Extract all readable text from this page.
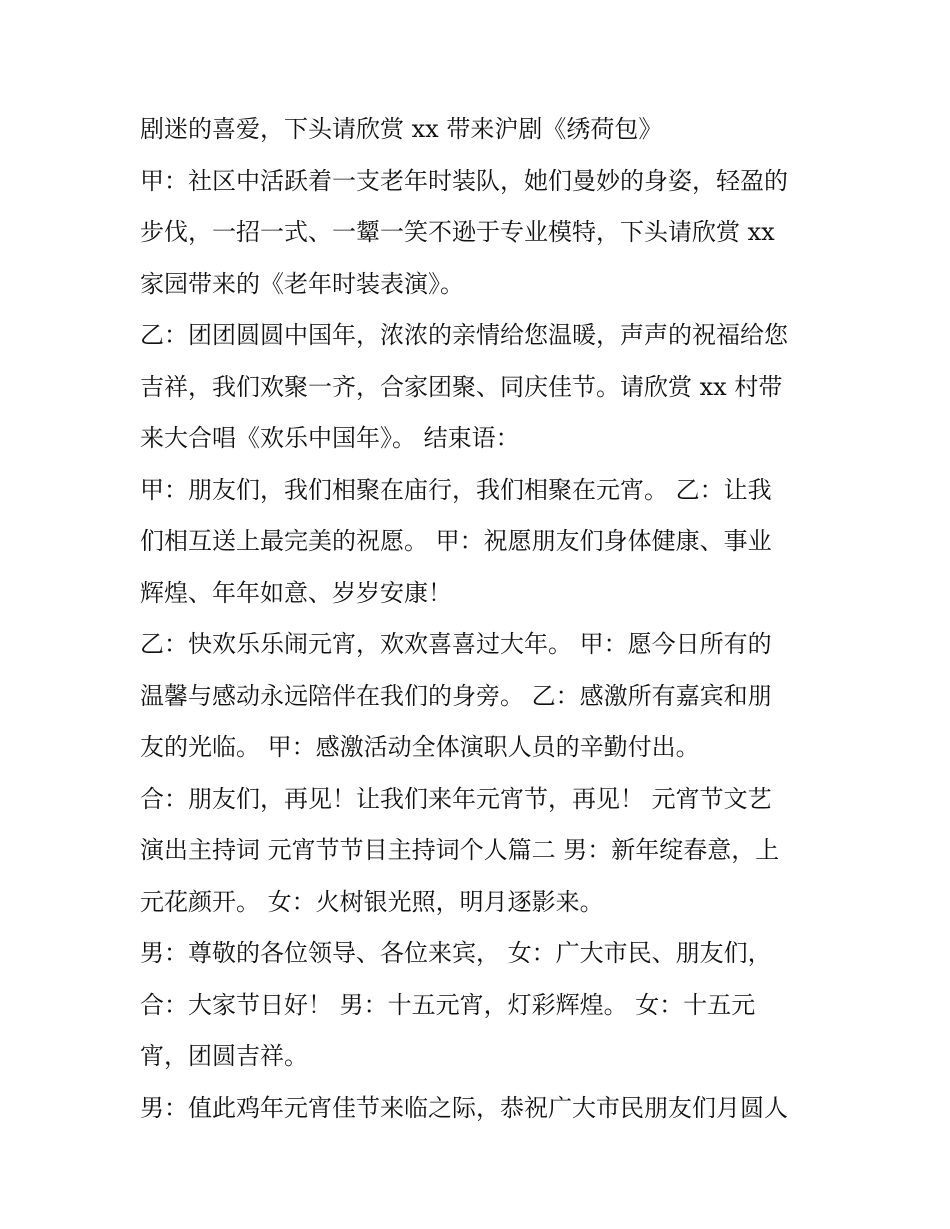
剧迷的喜爱，下头请欣赏 xx 带来沪剧《绣荷包》
甲：社区中活跃着一支老年时装队，她们曼妙的身姿，轻盈的
步伐，一招一式、一颦一笑不逊于专业模特，下头请欣赏 xx
家园带来的《老年时装表演》。
乙：团团圆圆中国年，浓浓的亲情给您温暖，声声的祝福给您
吉祥，我们欢聚一齐，合家团聚、同庆佳节。请欣赏 xx 村带
来大合唱《欢乐中国年》。 结束语：
甲：朋友们，我们相聚在庙行，我们相聚在元宵。 乙：让我
们相互送上最完美的祝愿。 甲：祝愿朋友们身体健康、事业
辉煌、年年如意、岁岁安康！
乙：快欢乐乐闹元宵，欢欢喜喜过大年。 甲：愿今日所有的
温馨与感动永远陪伴在我们的身旁。 乙：感激所有嘉宾和朋
友的光临。 甲：感激活动全体演职人员的辛勤付出。
合：朋友们，再见！让我们来年元宵节，再见！ 元宵节文艺
演出主持词 元宵节节目主持词个人篇二 男：新年绽春意，上
元花颜开。 女：火树银光照，明月逐影来。
男：尊敬的各位领导、各位来宾， 女：广大市民、朋友们，
合：大家节日好！ 男：十五元宵，灯彩辉煌。 女：十五元
宵，团圆吉祥。
男：值此鸡年元宵佳节来临之际，恭祝广大市民朋友们月圆人
